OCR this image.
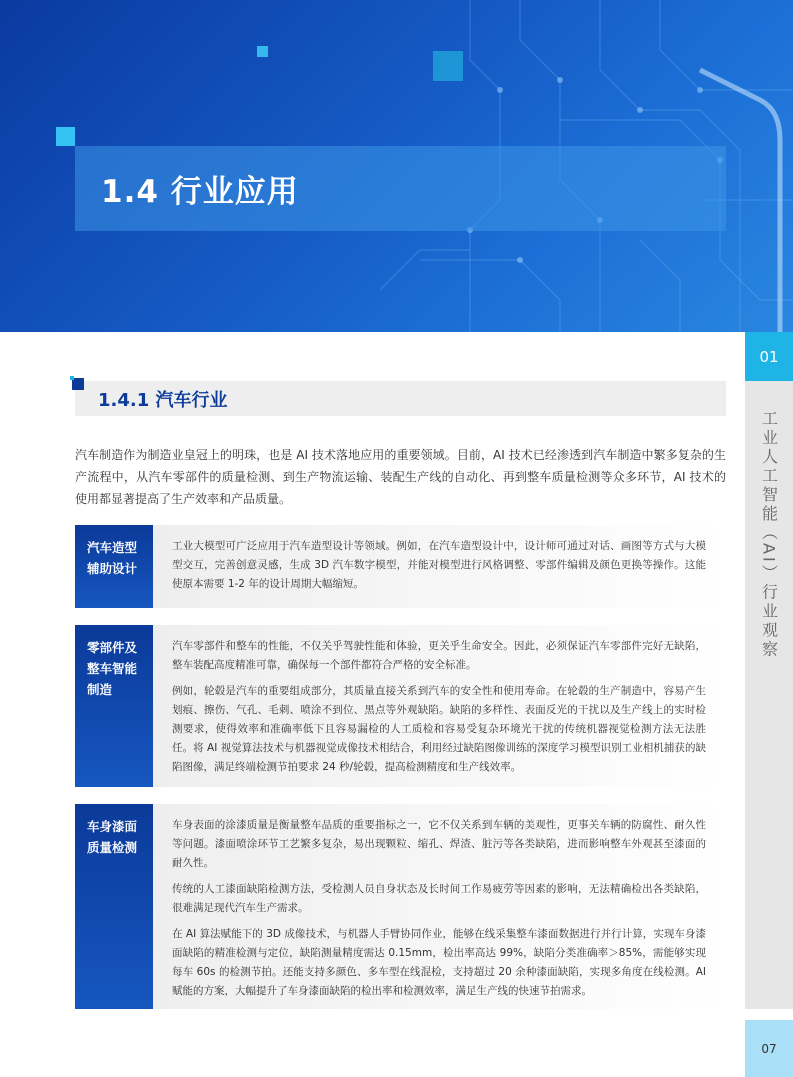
1.4 行业应用
01
工业人工智能（AI）行业观察
07
1.4.1 汽车行业
汽车制造作为制造业皇冠上的明珠，也是 AI 技术落地应用的重要领域。目前，AI 技术已经渗透到汽车制造中繁多复杂的生产流程中，从汽车零部件的质量检测、到生产物流运输、装配生产线的自动化、再到整车质量检测等众多环节，AI 技术的使用都显著提高了生产效率和产品质量。
汽车造型
辅助设计

工业大模型可广泛应用于汽车造型设计等领域。例如，在汽车造型设计中，设计师可通过对话、画图等方式与大模型交互，完善创意灵感，生成 3D 汽车数字模型，并能对模型进行风格调整、零部件编辑及颜色更换等操作。这能使原本需要 1-2 年的设计周期大幅缩短。

零部件及
整车智能
制造

汽车零部件和整车的性能，不仅关乎驾驶性能和体验，更关乎生命安全。因此，必须保证汽车零部件完好无缺陷，整车装配高度精准可靠，确保每一个部件都符合严格的安全标准。

例如，轮毂是汽车的重要组成部分，其质量直接关系到汽车的安全性和使用寿命。在轮毂的生产制造中，容易产生划痕、擦伤、气孔、毛刺、喷涂不到位、黑点等外观缺陷。缺陷的多样性、表面反光的干扰以及生产线上的实时检测要求，使得效率和准确率低下且容易漏检的人工质检和容易受复杂环境光干扰的传统机器视觉检测方法无法胜任。将 AI 视觉算法技术与机器视觉成像技术相结合，利用经过缺陷图像训练的深度学习模型识别工业相机捕获的缺陷图像，满足终端检测节拍要求 24 秒/轮毂，提高检测精度和生产线效率。

车身漆面
质量检测

车身表面的涂漆质量是衡量整车品质的重要指标之一，它不仅关系到车辆的美观性，更事关车辆的防腐性、耐久性等问题。漆面喷涂环节工艺繁多复杂，易出现颗粒、缩孔、焊渣、脏污等各类缺陷，进而影响整车外观甚至漆面的耐久性。

传统的人工漆面缺陷检测方法，受检测人员自身状态及长时间工作易疲劳等因素的影响，无法精确检出各类缺陷，很难满足现代汽车生产需求。

在 AI 算法赋能下的 3D 成像技术，与机器人手臂协同作业，能够在线采集整车漆面数据进行并行计算，实现车身漆面缺陷的精准检测与定位，缺陷测量精度需达 0.15mm，检出率高达 99%，缺陷分类准确率＞85%，需能够实现每车 60s 的检测节拍。还能支持多颜色、多车型在线混检，支持超过 20 余种漆面缺陷，实现多角度在线检测。AI 赋能的方案，大幅提升了车身漆面缺陷的检出率和检测效率，满足生产线的快速节拍需求。
